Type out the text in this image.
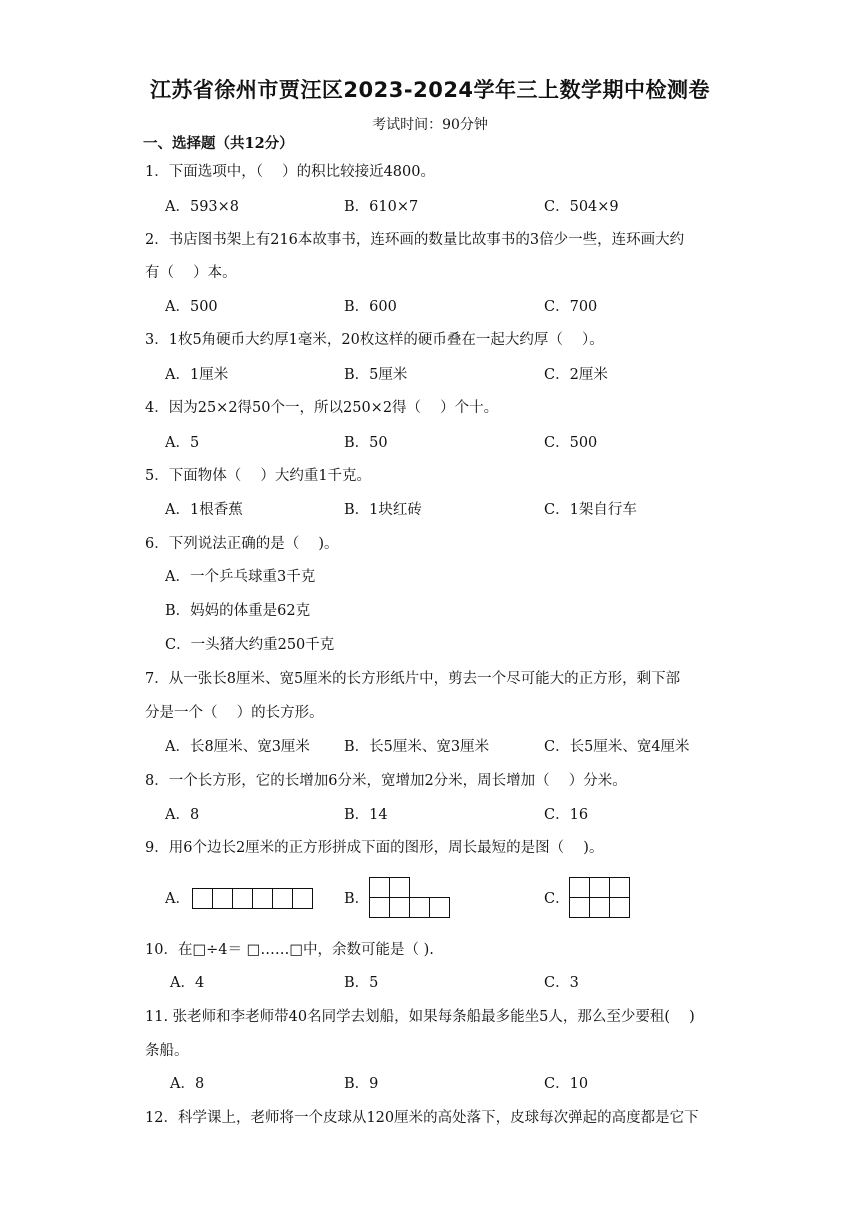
江苏省徐州市贾汪区2023-2024学年三上数学期中检测卷
考试时间：90分钟
一、选择题（共12分）
1．下面选项中，（　 ）的积比较接近4800。
A．593×8	B．610×7	C．504×9
2．书店图书架上有216本故事书，连环画的数量比故事书的3倍少一些，连环画大约
有（　 ）本。
A．500	B．600	C．700
3．1枚5角硬币大约厚1毫米，20枚这样的硬币叠在一起大约厚（　 ）。
A．1厘米	B．5厘米	C．2厘米
4．因为25×2得50个一，所以250×2得（　 ）个十。
A．5	B．50	C．500
5．下面物体（　 ）大约重1千克。
A．1根香蕉	B．1块红砖	C．1架自行车
6．下列说法正确的是（　 )。
A．一个乒乓球重3千克
B．妈妈的体重是62克
C．一头猪大约重250千克
7．从一张长8厘米、宽5厘米的长方形纸片中，剪去一个尽可能大的正方形，剩下部
分是一个（　 ）的长方形。
A．长8厘米、宽3厘米 B．长5厘米、宽3厘米	C．长5厘米、宽4厘米
8．一个长方形，它的长增加6分米，宽增加2分米，周长增加（　 ）分米。
A．8	B．14	C．16
9．用6个边长2厘米的正方形拼成下面的图形，周长最短的是图（　 )。
A．	B．	C．
10．在□÷4＝ □……□中，余数可能是（ ).
A．4	B．5	C．3
11. 张老师和李老师带40名同学去划船，如果每条船最多能坐5人，那么至少要租(　 )
条船。
A．8	B．9	C．10
12．科学课上，老师将一个皮球从120厘米的高处落下，皮球每次弹起的高度都是它下
